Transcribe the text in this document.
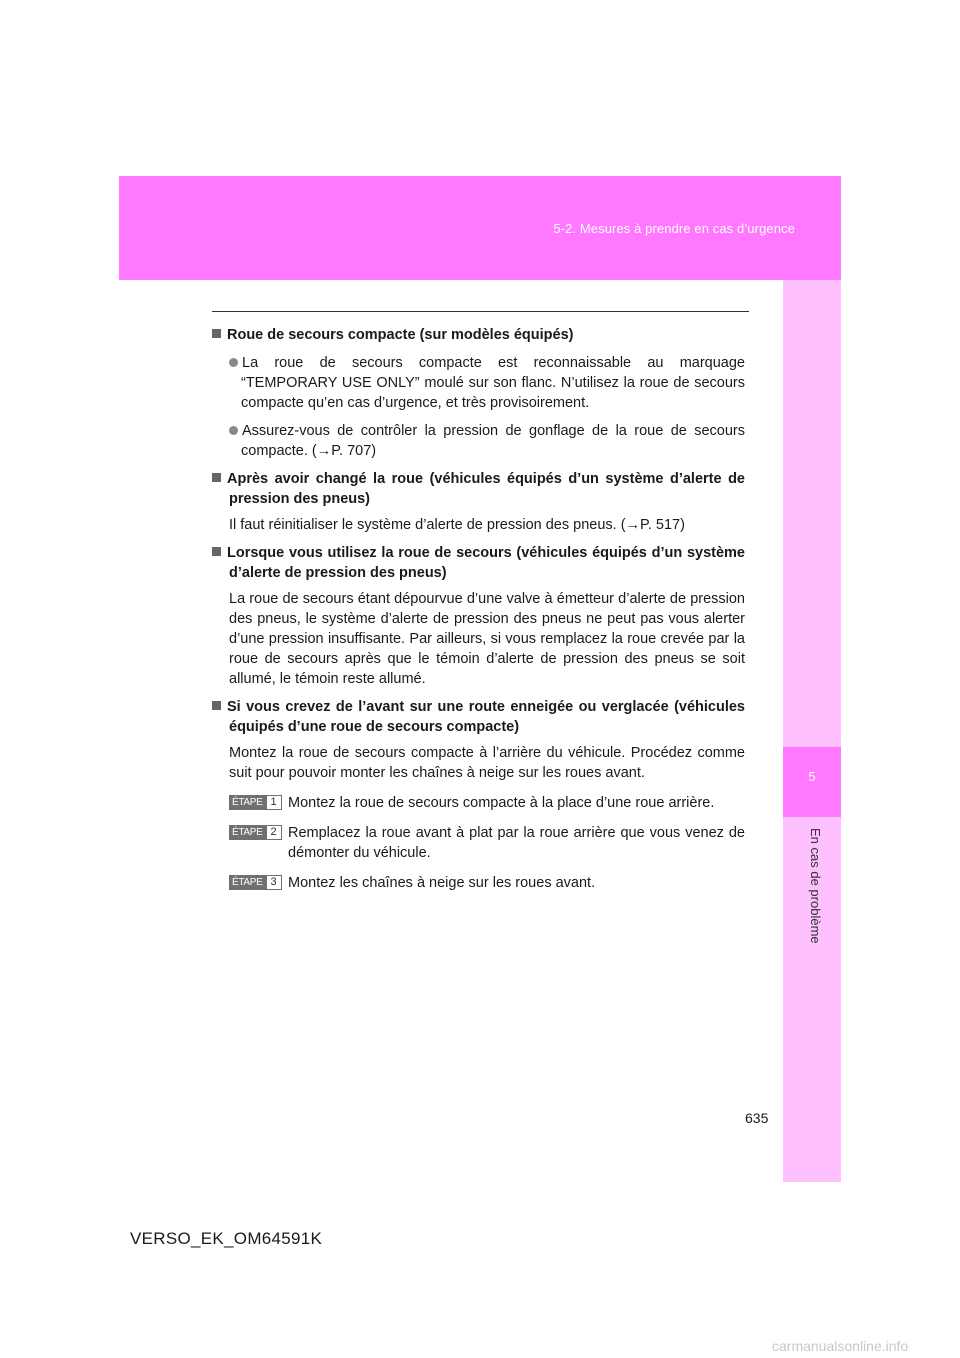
5-2. Mesures à prendre en cas d’urgence
5
En cas de problème
Roue de secours compacte (sur modèles équipés)
La roue de secours compacte est reconnaissable au marquage “TEMPORARY USE ONLY” moulé sur son flanc. N’utilisez la roue de secours compacte qu’en cas d’urgence, et très provisoirement.
Assurez-vous de contrôler la pression de gonflage de la roue de secours compacte. (→P. 707)
Après avoir changé la roue (véhicules équipés d’un système d’alerte de pression des pneus)
Il faut réinitialiser le système d’alerte de pression des pneus. (→P. 517)
Lorsque vous utilisez la roue de secours (véhicules équipés d’un système d’alerte de pression des pneus)
La roue de secours étant dépourvue d’une valve à émetteur d’alerte de pression des pneus, le système d’alerte de pression des pneus ne peut pas vous alerter d’une pression insuffisante. Par ailleurs, si vous remplacez la roue crevée par la roue de secours après que le témoin d’alerte de pression des pneus se soit allumé, le témoin reste allumé.
Si vous crevez de l’avant sur une route enneigée ou verglacée (véhicules équipés d’une roue de secours compacte)
Montez la roue de secours compacte à l’arrière du véhicule. Procédez comme suit pour pouvoir monter les chaînes à neige sur les roues avant.
ÉTAPE 1 Montez la roue de secours compacte à la place d’une roue arrière.
ÉTAPE 2 Remplacez la roue avant à plat par la roue arrière que vous venez de démonter du véhicule.
ÉTAPE 3 Montez les chaînes à neige sur les roues avant.
635
VERSO_EK_OM64591K
carmanualsonline.info
